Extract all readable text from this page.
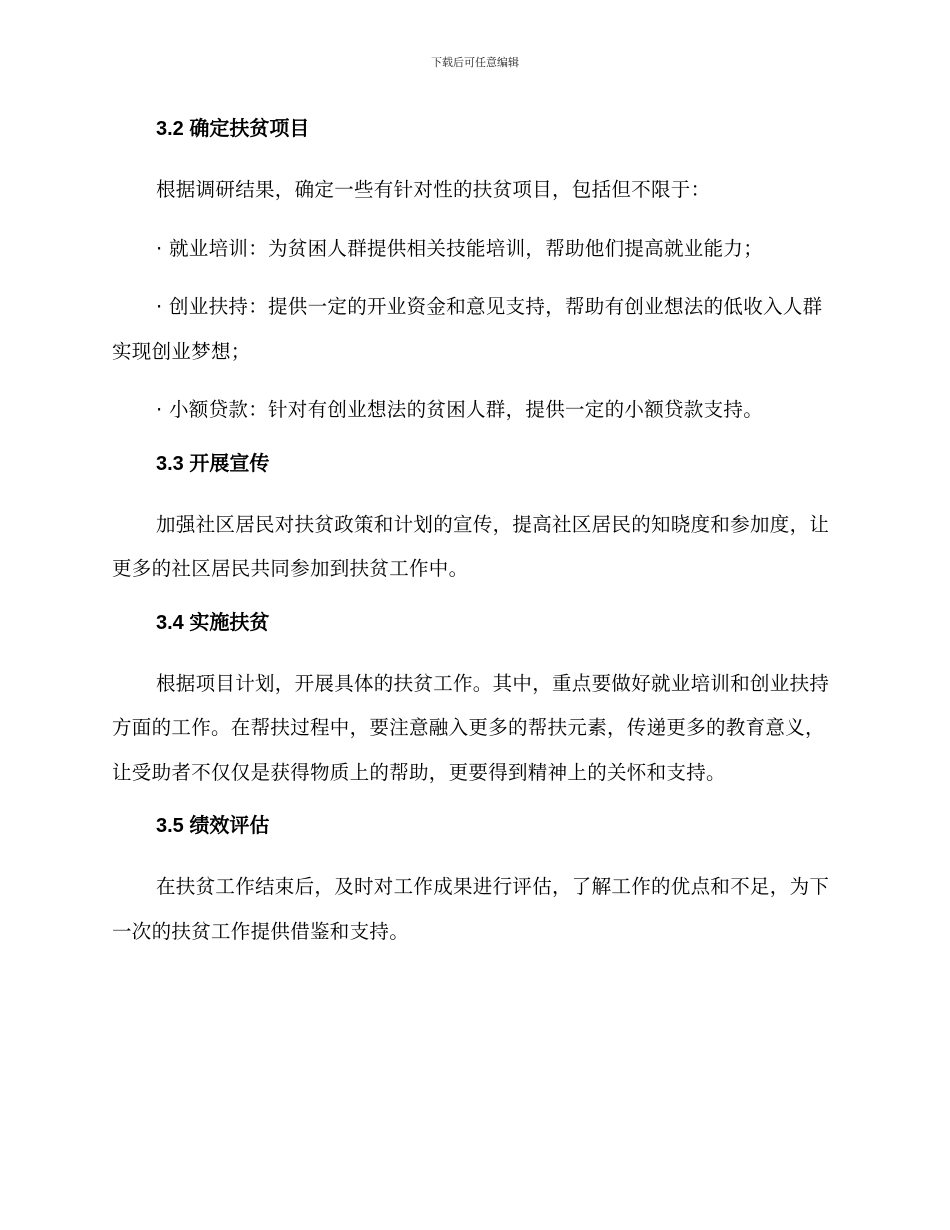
下载后可任意编辑
3.2 确定扶贫项目

根据调研结果，确定一些有针对性的扶贫项目，包括但不限于：

· 就业培训：为贫困人群提供相关技能培训，帮助他们提高就业能力；

· 创业扶持：提供一定的开业资金和意见支持，帮助有创业想法的低收入人群实现创业梦想；

· 小额贷款：针对有创业想法的贫困人群，提供一定的小额贷款支持。

3.3 开展宣传

加强社区居民对扶贫政策和计划的宣传，提高社区居民的知晓度和参加度，让更多的社区居民共同参加到扶贫工作中。

3.4 实施扶贫

根据项目计划，开展具体的扶贫工作。其中，重点要做好就业培训和创业扶持方面的工作。在帮扶过程中，要注意融入更多的帮扶元素，传递更多的教育意义，让受助者不仅仅是获得物质上的帮助，更要得到精神上的关怀和支持。

3.5 绩效评估

在扶贫工作结束后，及时对工作成果进行评估，了解工作的优点和不足，为下一次的扶贫工作提供借鉴和支持。
